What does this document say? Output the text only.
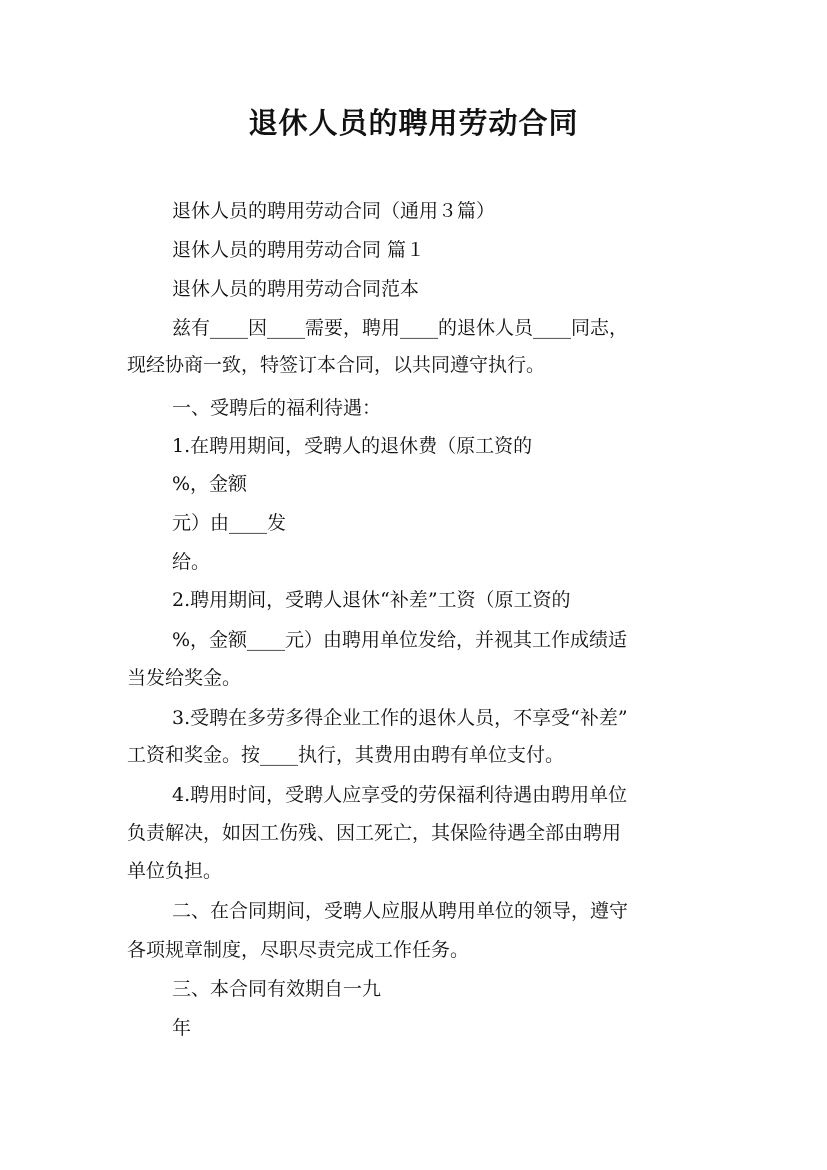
退休人员的聘用劳动合同
退休人员的聘用劳动合同（通用３篇）
退休人员的聘用劳动合同 篇１
退休人员的聘用劳动合同范本
兹有____因____需要，聘用____的退休人员____同志，
现经协商一致，特签订本合同，以共同遵守执行。
一、受聘后的福利待遇：
1.在聘用期间，受聘人的退休费（原工资的
%，金额
元）由____发
给。
2.聘用期间，受聘人退休“补差”工资（原工资的
%，金额____元）由聘用单位发给，并视其工作成绩适
当发给奖金。
3.受聘在多劳多得企业工作的退休人员，不享受“补差”
工资和奖金。按____执行，其费用由聘有单位支付。
4.聘用时间，受聘人应享受的劳保福利待遇由聘用单位
负责解决，如因工伤残、因工死亡，其保险待遇全部由聘用
单位负担。
二、在合同期间，受聘人应服从聘用单位的领导，遵守
各项规章制度，尽职尽责完成工作任务。
三、本合同有效期自一九
年
